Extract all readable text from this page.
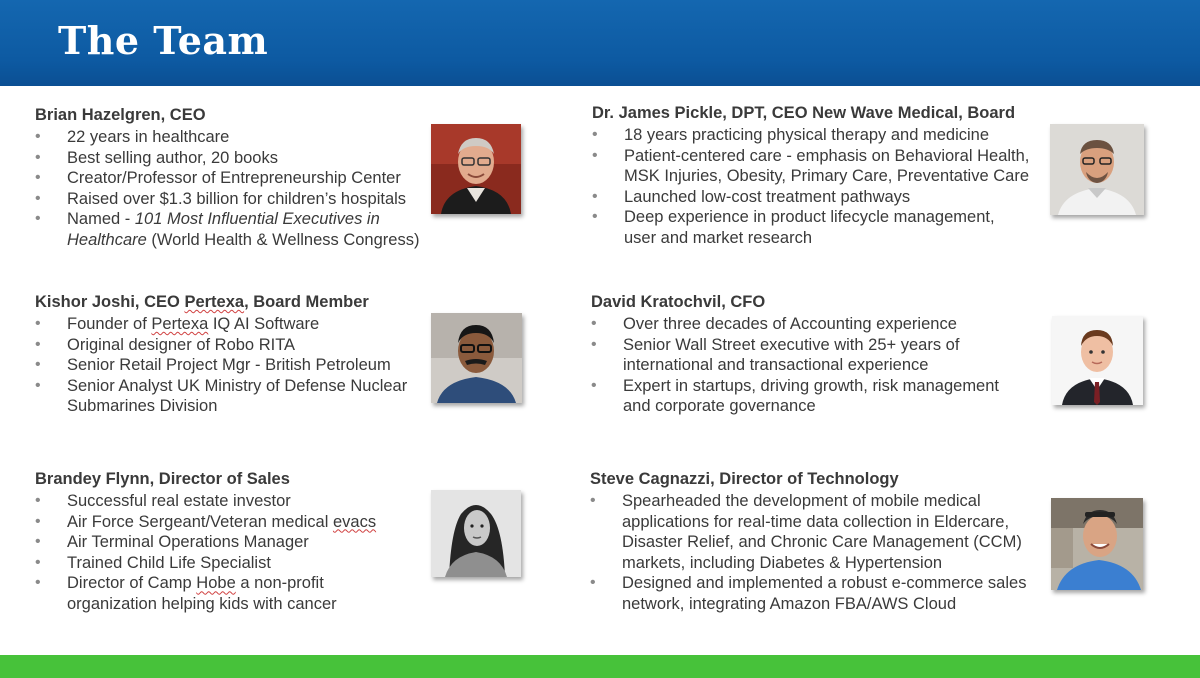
The Team
Brian Hazelgren, CEO
• 22 years in healthcare
• Best selling author, 20 books
• Creator/Professor of Entrepreneurship Center
• Raised over $1.3 billion for children’s hospitals
• Named - 101 Most Influential Executives in
Healthcare (World Health & Wellness Congress)
Dr. James Pickle, DPT, CEO New Wave Medical, Board
• 18 years practicing physical therapy and medicine
• Patient-centered care - emphasis on Behavioral Health,
MSK Injuries, Obesity, Primary Care, Preventative Care
• Launched low-cost treatment pathways
• Deep experience in product lifecycle management,
user and market research
Kishor Joshi, CEO Pertexa, Board Member
• Founder of Pertexa IQ AI Software
• Original designer of Robo RITA
• Senior Retail Project Mgr - British Petroleum
• Senior Analyst UK Ministry of Defense Nuclear
Submarines Division
David Kratochvil, CFO
• Over three decades of Accounting experience
• Senior Wall Street executive with 25+ years of
international and transactional experience
• Expert in startups, driving growth, risk management
and corporate governance
Brandey Flynn, Director of Sales
• Successful real estate investor
• Air Force Sergeant/Veteran medical evacs
• Air Terminal Operations Manager
• Trained Child Life Specialist
• Director of Camp Hobe a non-profit
organization helping kids with cancer
Steve Cagnazzi, Director of Technology
• Spearheaded the development of mobile medical
applications for real-time data collection in Eldercare,
Disaster Relief, and Chronic Care Management (CCM)
markets, including Diabetes & Hypertension
• Designed and implemented a robust e-commerce sales
network, integrating Amazon FBA/AWS Cloud
